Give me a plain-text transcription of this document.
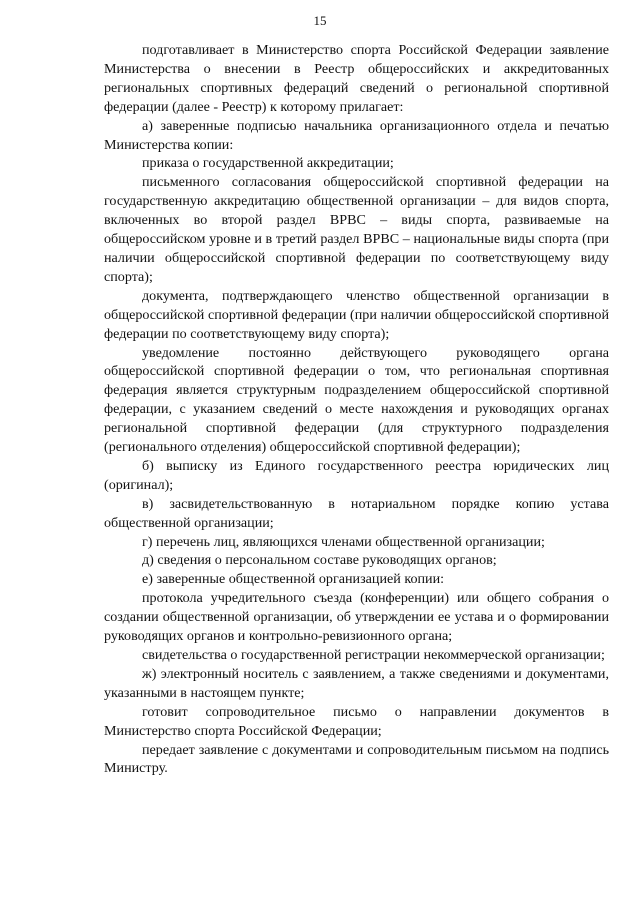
15

подготавливает в Министерство спорта Российской Федерации заявление Министерства о внесении в Реестр общероссийских и аккредитованных региональных спортивных федераций сведений о региональной спортивной федерации (далее - Реестр) к которому прилагает:

а) заверенные подписью начальника организационного отдела и печатью Министерства копии:

приказа о государственной аккредитации;

письменного согласования общероссийской спортивной федерации на государственную аккредитацию общественной организации – для видов спорта, включенных во второй раздел ВРВС – виды спорта, развиваемые на общероссийском уровне и в третий раздел ВРВС – национальные виды спорта (при наличии общероссийской спортивной федерации по соответствующему виду спорта);

документа, подтверждающего членство общественной организации в общероссийской спортивной федерации (при наличии общероссийской спортивной федерации по соответствующему виду спорта);

уведомление постоянно действующего руководящего органа общероссийской спортивной федерации о том, что региональная спортивная федерация является структурным подразделением общероссийской спортивной федерации, с указанием сведений о месте нахождения и руководящих органах региональной спортивной федерации (для структурного подразделения (регионального отделения) общероссийской спортивной федерации);

б) выписку из Единого государственного реестра юридических лиц (оригинал);

в) засвидетельствованную в нотариальном порядке копию устава общественной организации;

г) перечень лиц, являющихся членами общественной организации;

д) сведения о персональном составе руководящих органов;

е) заверенные общественной организацией копии:

протокола учредительного съезда (конференции) или общего собрания о создании общественной организации, об утверждении ее устава и о формировании руководящих органов и контрольно-ревизионного органа;

свидетельства о государственной регистрации некоммерческой организации;

ж) электронный носитель с заявлением, а также сведениями и документами, указанными в настоящем пункте;

готовит сопроводительное письмо о направлении документов в Министерство спорта Российской Федерации;

передает заявление с документами и сопроводительным письмом на подпись Министру.
